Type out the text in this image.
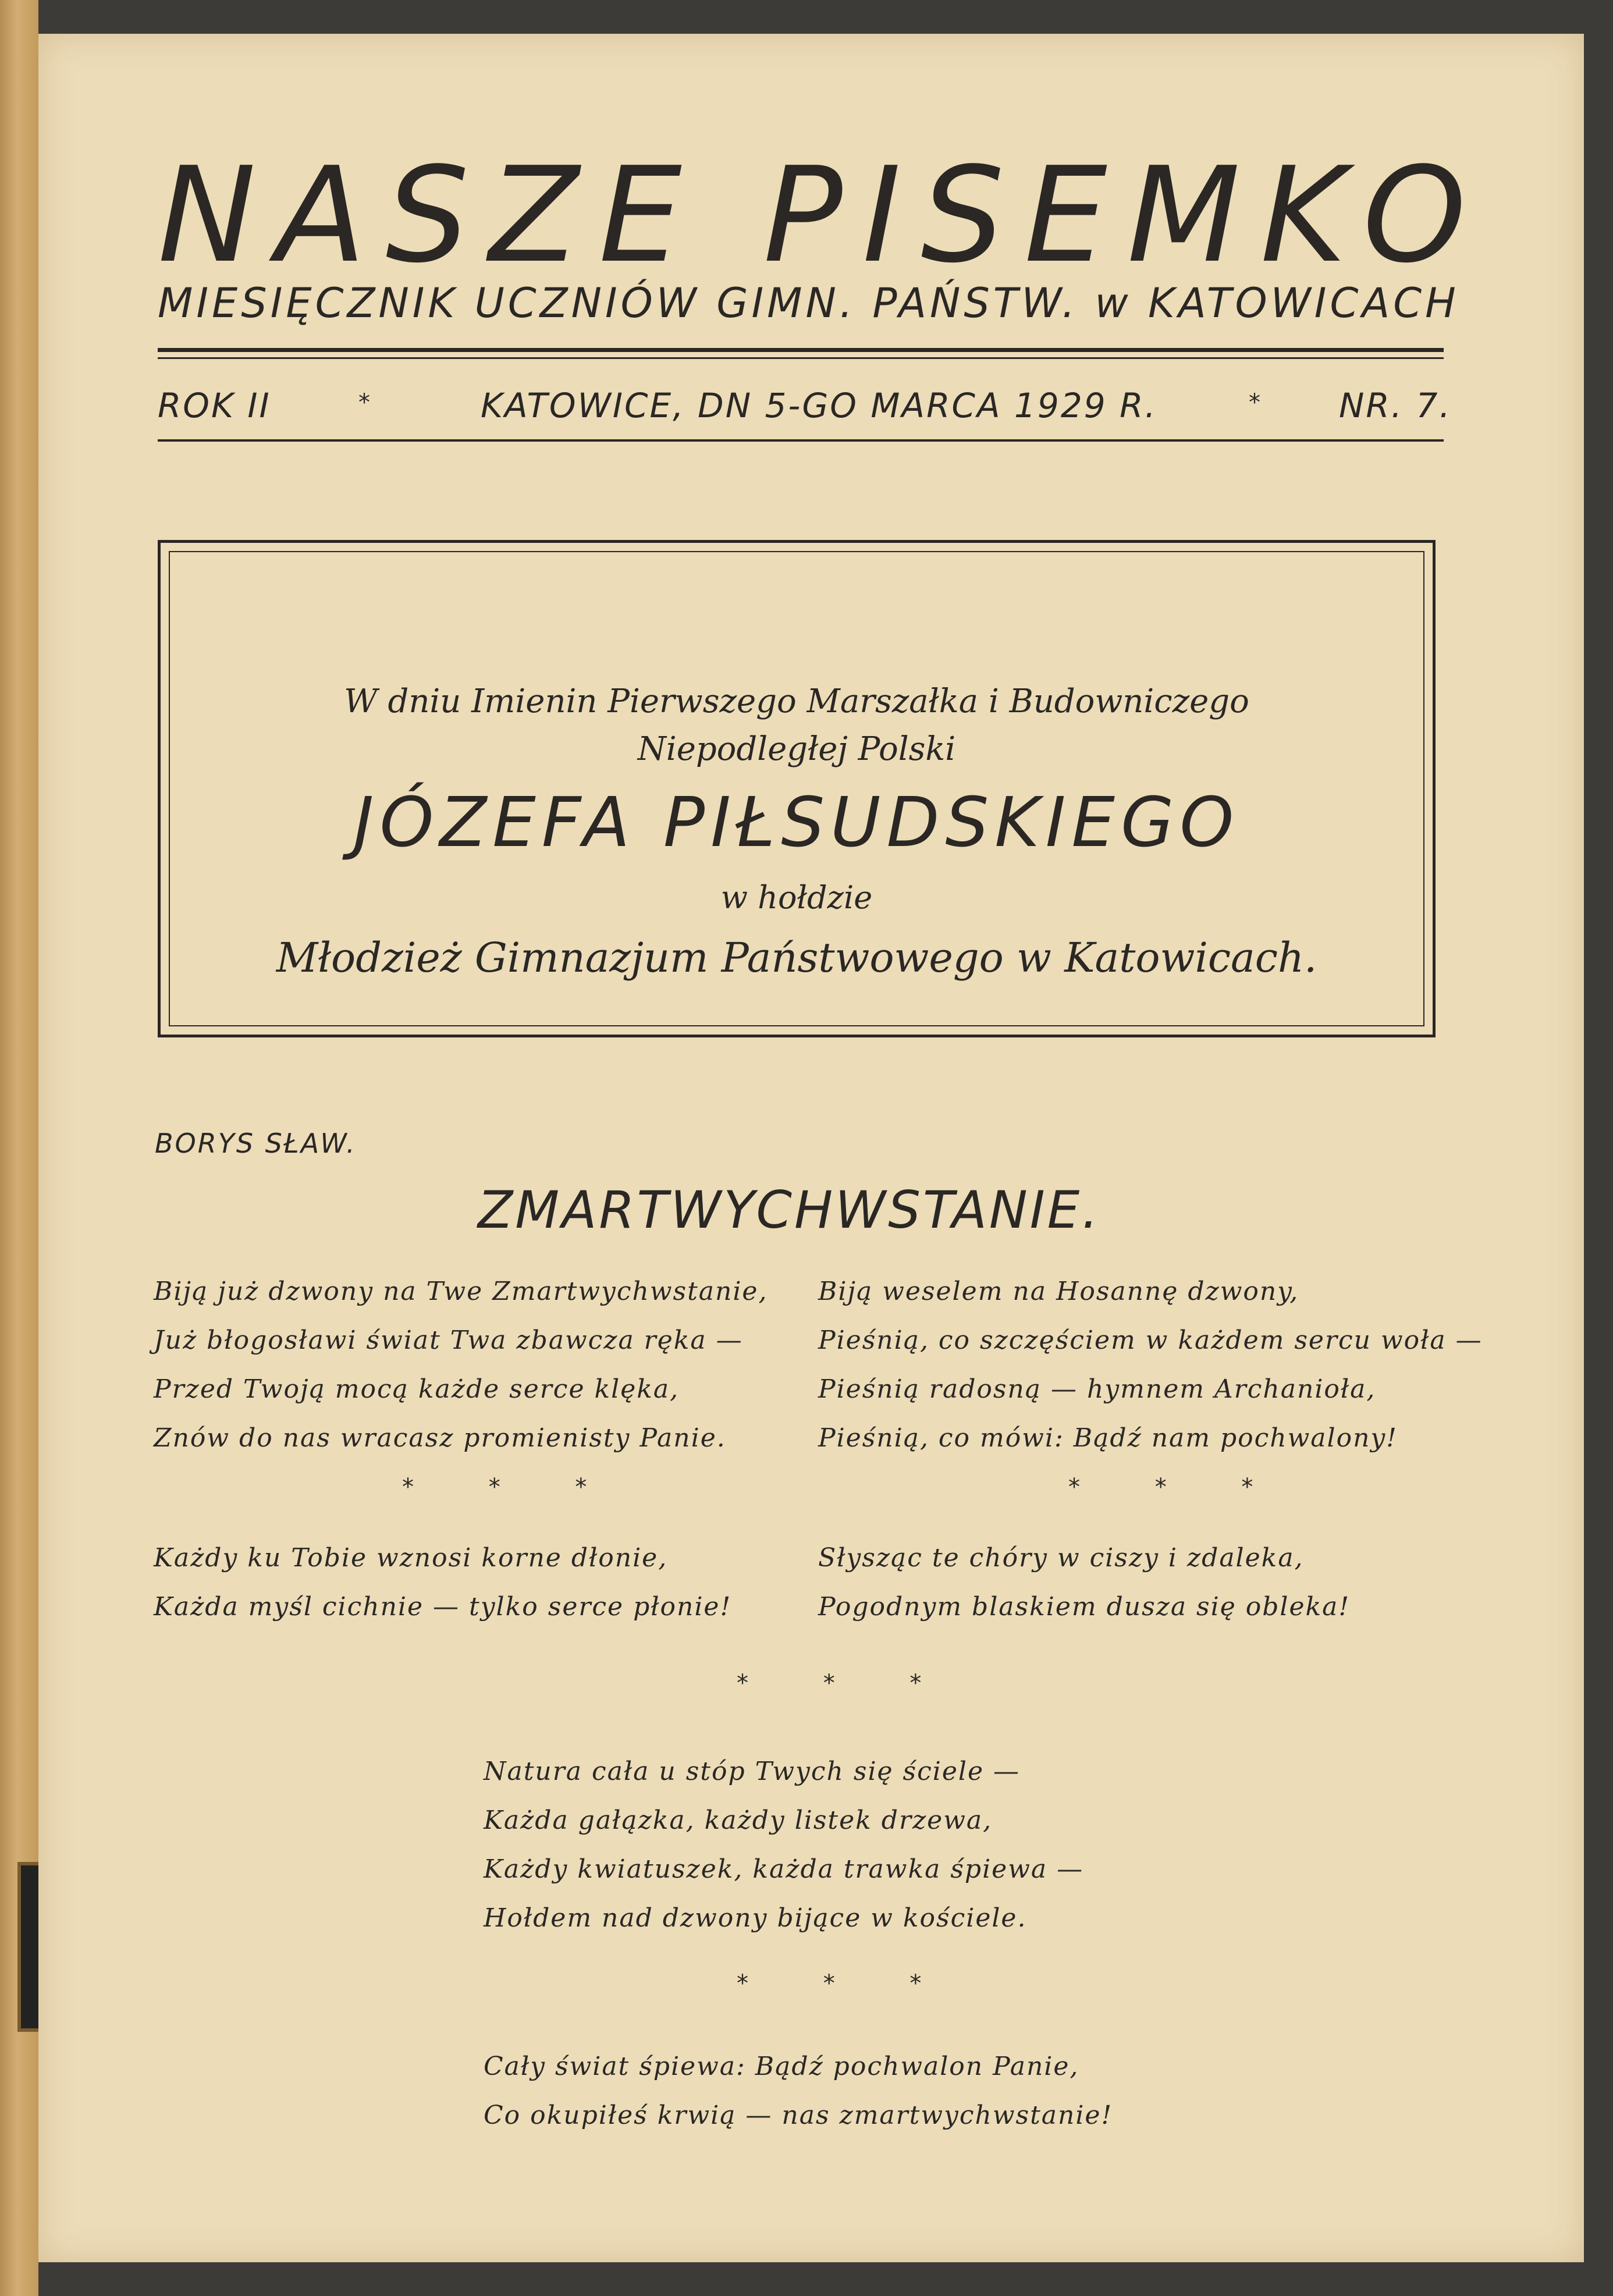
NASZE PISEMKO
MIESIĘCZNIK UCZNIÓW GIMN. PAŃSTW. w KATOWICACH
ROK II	*	KATOWICE, DN 5-GO MARCA 1929 R.	* NR. 7.
W dniu Imienin Pierwszego Marszałka i Budowniczego
Niepodległej Polski
JÓZEFA PIŁSUDSKIEGO
w hołdzie
Młodzież Gimnazjum Państwowego w Katowicach.
BORYS SŁAW.
ZMARTWYCHWSTANIE.
Biją już dzwony na Twe Zmartwychwstanie,
Już błogosławi świat Twa zbawcza ręka —
Przed Twoją mocą każde serce klęka,
Znów do nas wracasz promienisty Panie.
Biją weselem na Hosannę dzwony,
Pieśnią, co szczęściem w każdem sercu woła —
Pieśnią radosną — hymnem Archanioła,
Pieśnią, co mówi: Bądź nam pochwalony!
* * *	* * *
Każdy ku Tobie wznosi korne dłonie,
Każda myśl cichnie — tylko serce płonie!
Słysząc te chóry w ciszy i zdaleka,
Pogodnym blaskiem dusza się obleka!
* * *
Natura cała u stóp Twych się ściele —
Każda gałązka, każdy listek drzewa,
Każdy kwiatuszek, każda trawka śpiewa —
Hołdem nad dzwony bijące w kościele.
* * *
Cały świat śpiewa: Bądź pochwalon Panie,
Co okupiłeś krwią — nas zmartwychwstanie!
